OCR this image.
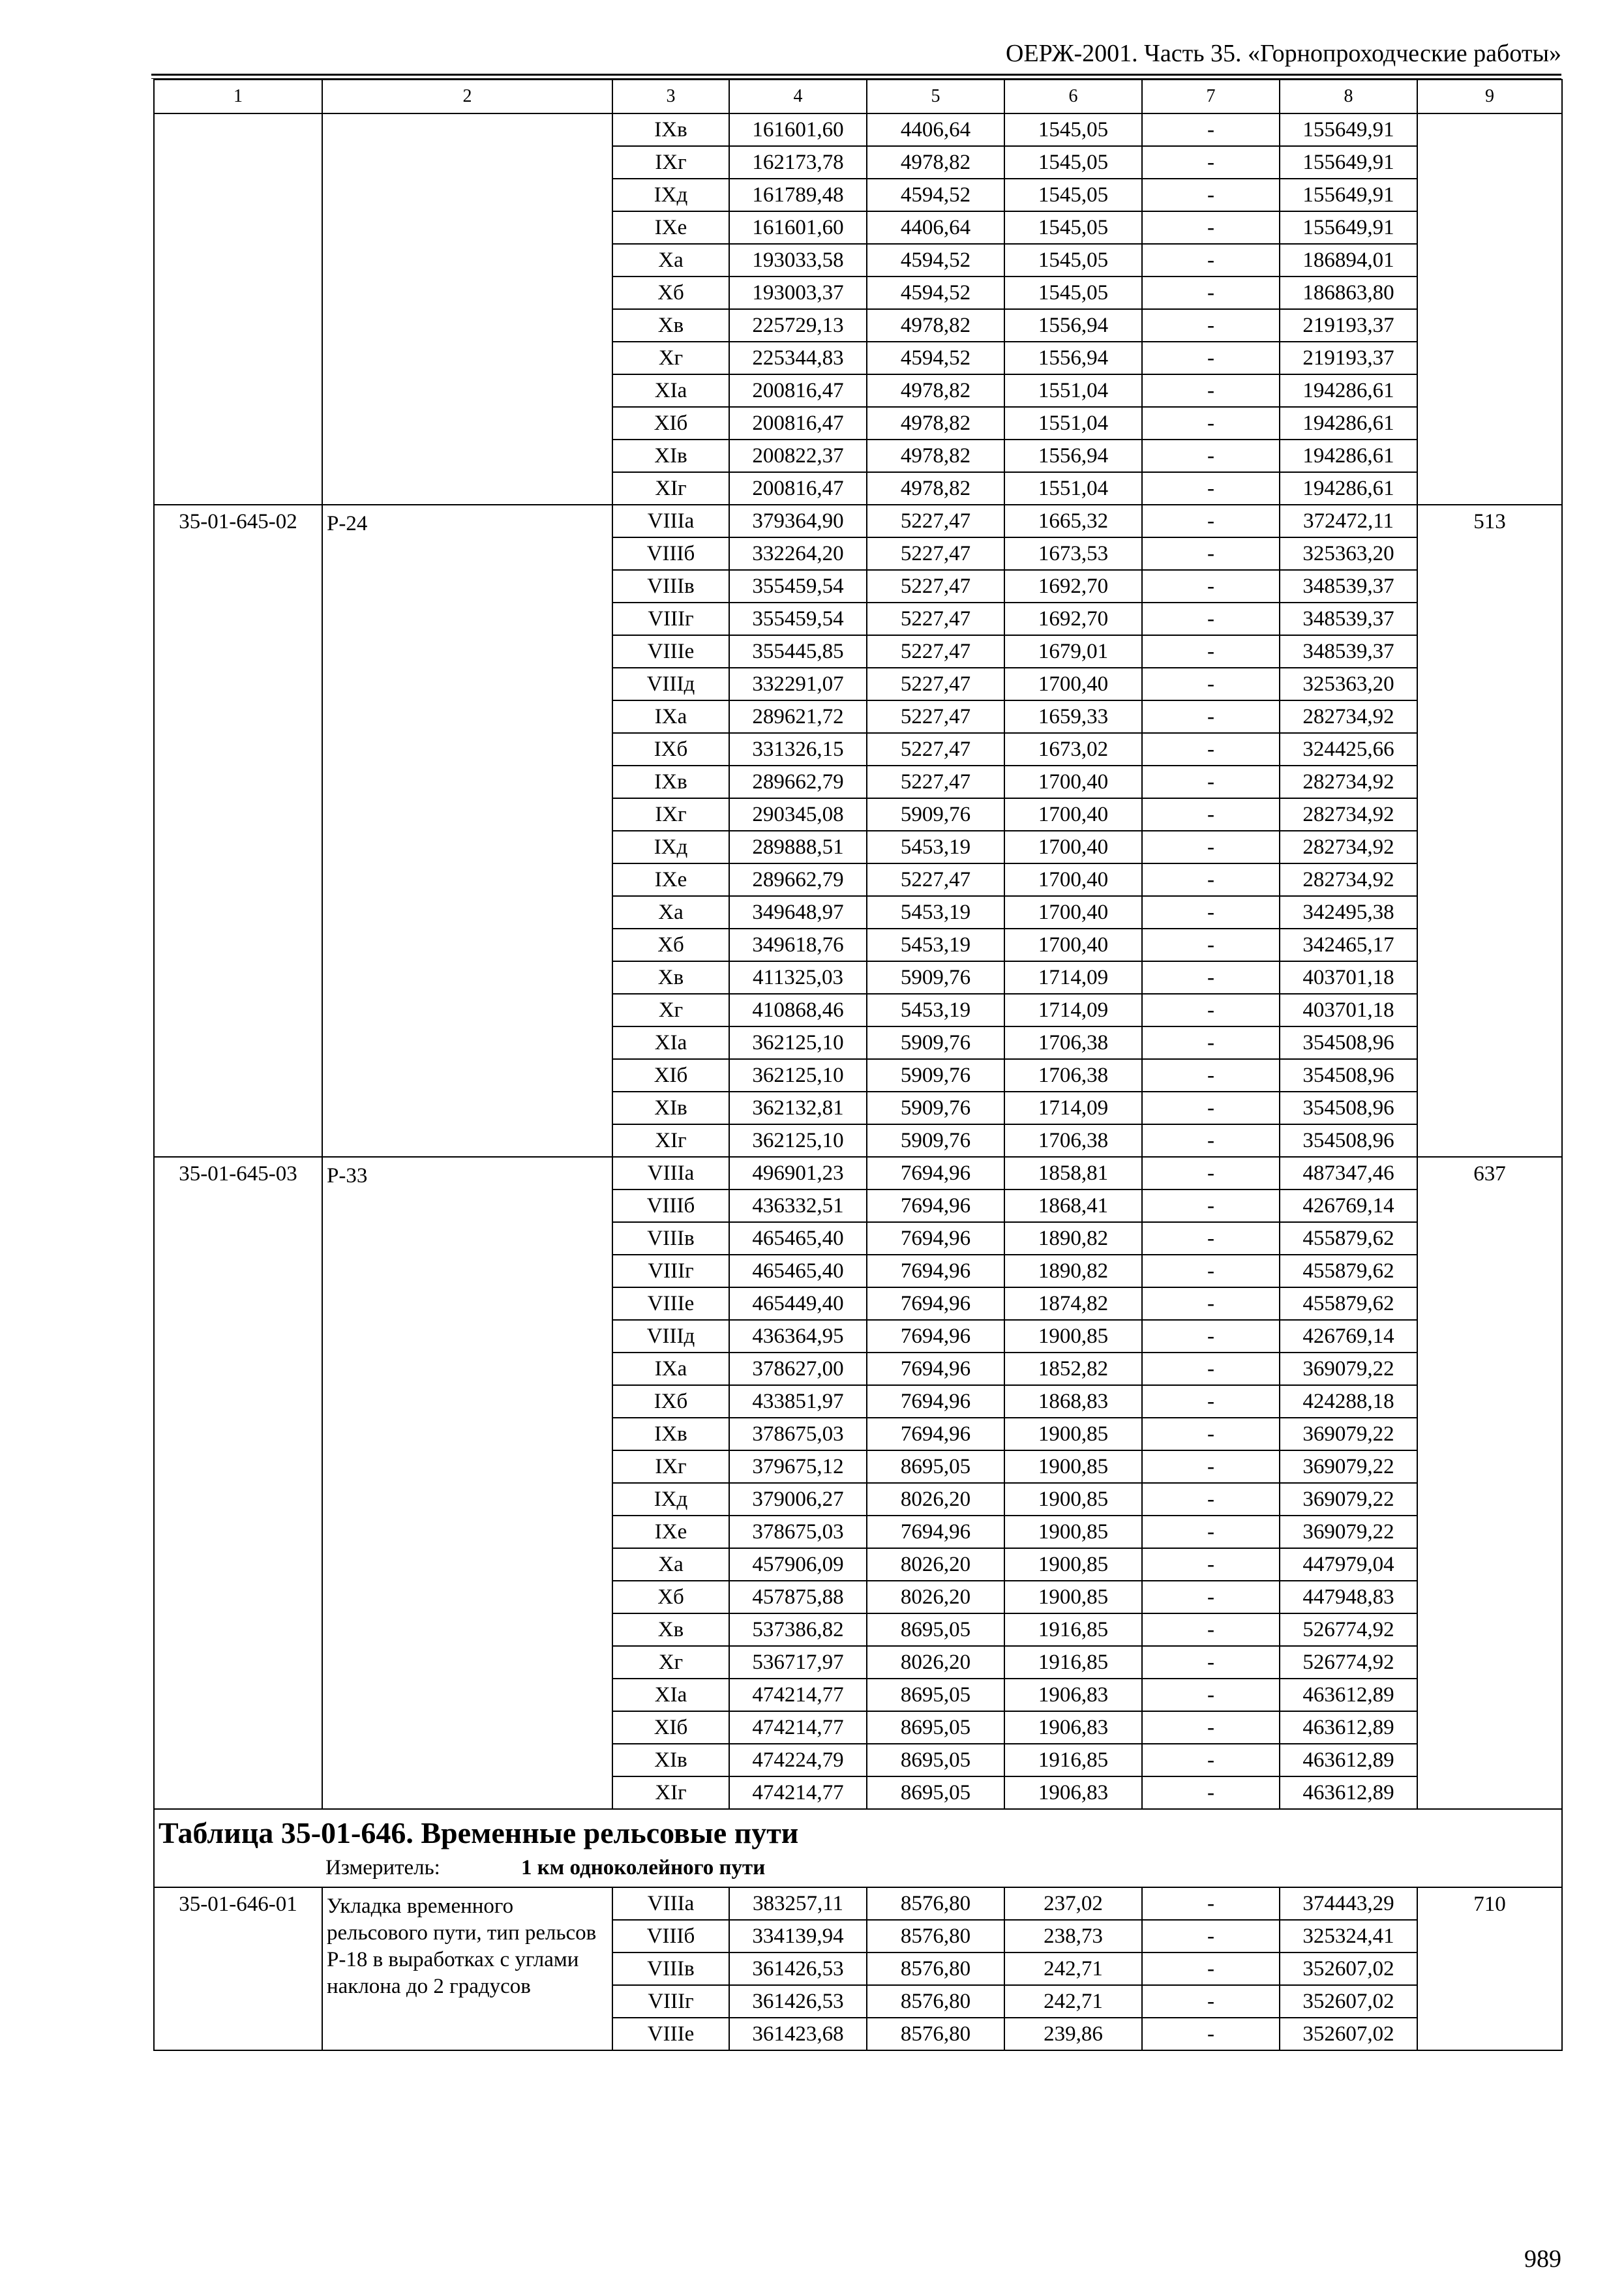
ОЕРЖ-2001. Часть 35. «Горнопроходческие работы»
1	2	3	4	5	6	7	8	9
		IXв	161601,60	4406,64	1545,05	-	155649,91	
		IXг	162173,78	4978,82	1545,05	-	155649,91	
		IXд	161789,48	4594,52	1545,05	-	155649,91	
		IXе	161601,60	4406,64	1545,05	-	155649,91	
		Xа	193033,58	4594,52	1545,05	-	186894,01	
		Xб	193003,37	4594,52	1545,05	-	186863,80	
		Xв	225729,13	4978,82	1556,94	-	219193,37	
		Xг	225344,83	4594,52	1556,94	-	219193,37	
		XIа	200816,47	4978,82	1551,04	-	194286,61	
		XIб	200816,47	4978,82	1551,04	-	194286,61	
		XIв	200822,37	4978,82	1556,94	-	194286,61	
		XIг	200816,47	4978,82	1551,04	-	194286,61	
35-01-645-02	Р-24	VIIIа	379364,90	5227,47	1665,32	-	372472,11	513
		VIIIб	332264,20	5227,47	1673,53	-	325363,20	
		VIIIв	355459,54	5227,47	1692,70	-	348539,37	
		VIIIг	355459,54	5227,47	1692,70	-	348539,37	
		VIIIе	355445,85	5227,47	1679,01	-	348539,37	
		VIIIд	332291,07	5227,47	1700,40	-	325363,20	
		IXа	289621,72	5227,47	1659,33	-	282734,92	
		IXб	331326,15	5227,47	1673,02	-	324425,66	
		IXв	289662,79	5227,47	1700,40	-	282734,92	
		IXг	290345,08	5909,76	1700,40	-	282734,92	
		IXд	289888,51	5453,19	1700,40	-	282734,92	
		IXе	289662,79	5227,47	1700,40	-	282734,92	
		Xа	349648,97	5453,19	1700,40	-	342495,38	
		Xб	349618,76	5453,19	1700,40	-	342465,17	
		Xв	411325,03	5909,76	1714,09	-	403701,18	
		Xг	410868,46	5453,19	1714,09	-	403701,18	
		XIа	362125,10	5909,76	1706,38	-	354508,96	
		XIб	362125,10	5909,76	1706,38	-	354508,96	
		XIв	362132,81	5909,76	1714,09	-	354508,96	
		XIг	362125,10	5909,76	1706,38	-	354508,96	
35-01-645-03	Р-33	VIIIа	496901,23	7694,96	1858,81	-	487347,46	637
		VIIIб	436332,51	7694,96	1868,41	-	426769,14	
		VIIIв	465465,40	7694,96	1890,82	-	455879,62	
		VIIIг	465465,40	7694,96	1890,82	-	455879,62	
		VIIIе	465449,40	7694,96	1874,82	-	455879,62	
		VIIIд	436364,95	7694,96	1900,85	-	426769,14	
		IXа	378627,00	7694,96	1852,82	-	369079,22	
		IXб	433851,97	7694,96	1868,83	-	424288,18	
		IXв	378675,03	7694,96	1900,85	-	369079,22	
		IXг	379675,12	8695,05	1900,85	-	369079,22	
		IXд	379006,27	8026,20	1900,85	-	369079,22	
		IXе	378675,03	7694,96	1900,85	-	369079,22	
		Xа	457906,09	8026,20	1900,85	-	447979,04	
		Xб	457875,88	8026,20	1900,85	-	447948,83	
		Xв	537386,82	8695,05	1916,85	-	526774,92	
		Xг	536717,97	8026,20	1916,85	-	526774,92	
		XIа	474214,77	8695,05	1906,83	-	463612,89	
		XIб	474214,77	8695,05	1906,83	-	463612,89	
		XIв	474224,79	8695,05	1916,85	-	463612,89	
		XIг	474214,77	8695,05	1906,83	-	463612,89	

Таблица 35-01-646. Временные рельсовые пути
Измеритель: 1 км одноколейного пути								

35-01-646-01	Укладка временного рельсового пути, тип рельсов Р-18 в выработках с углами наклона до 2 градусов	VIIIа	383257,11	8576,80	237,02	-	374443,29	710
		VIIIб	334139,94	8576,80	238,73	-	325324,41	
		VIIIв	361426,53	8576,80	242,71	-	352607,02	
		VIIIг	361426,53	8576,80	242,71	-	352607,02	
		VIIIе	361423,68	8576,80	239,86	-	352607,02	
989
